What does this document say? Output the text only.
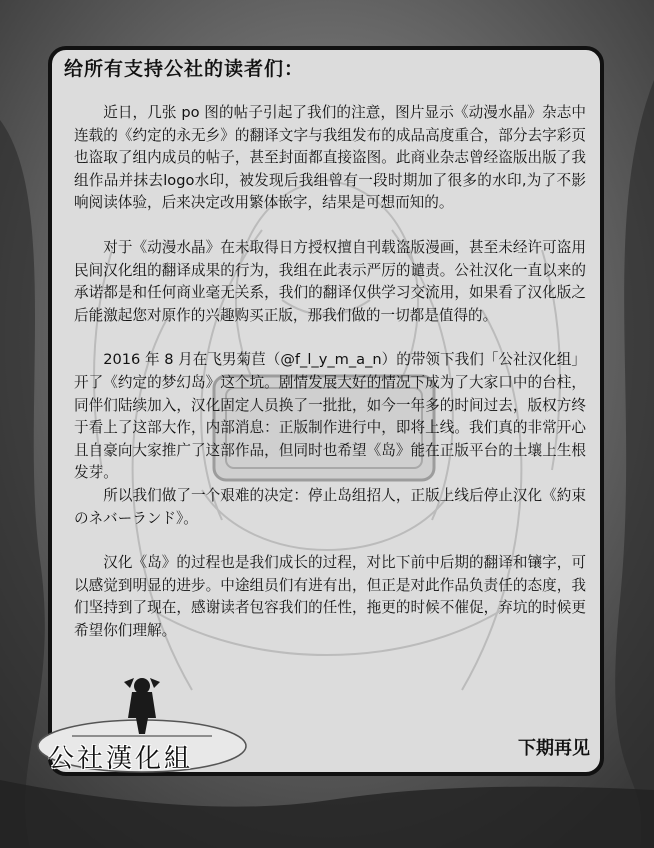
给所有支持公社的读者们：

近日，几张 po 图的帖子引起了我们的注意，图片显示《动漫水晶》杂志中连载的《约定的永无乡》的翻译文字与我组发布的成品高度重合，部分去字彩页也盗取了组内成员的帖子，甚至封面都直接盗图。此商业杂志曾经盗版出版了我组作品并抹去logo水印，被发现后我组曾有一段时期加了很多的水印,为了不影响阅读体验，后来决定改用繁体嵌字，结果是可想而知的。

对于《动漫水晶》在未取得日方授权擅自刊载盗版漫画，甚至未经许可盗用民间汉化组的翻译成果的行为，我组在此表示严厉的谴责。公社汉化一直以来的承诺都是和任何商业毫无关系，我们的翻译仅供学习交流用，如果看了汉化版之后能激起您对原作的兴趣购买正版，那我们做的一切都是值得的。

2016 年 8 月在飞男菊苣（@f_l_y_m_a_n）的带领下我们「公社汉化组」开了《约定的梦幻岛》这个坑。剧情发展大好的情况下成为了大家口中的台柱，同伴们陆续加入，汉化固定人员换了一批批，如今一年多的时间过去，版权方终于看上了这部大作，内部消息：正版制作进行中，即将上线。我们真的非常开心且自豪向大家推广了这部作品，但同时也希望《岛》能在正版平台的土壤上生根发芽。

所以我们做了一个艰难的决定：停止岛组招人，正版上线后停止汉化《約束のネバーランド》。

汉化《岛》的过程也是我们成长的过程，对比下前中后期的翻译和镶字，可以感觉到明显的进步。中途组员们有进有出，但正是对此作品负责任的态度，我们坚持到了现在，感谢读者包容我们的任性，拖更的时候不催促，弃坑的时候更希望你们理解。

下期再见
公社漢化組
